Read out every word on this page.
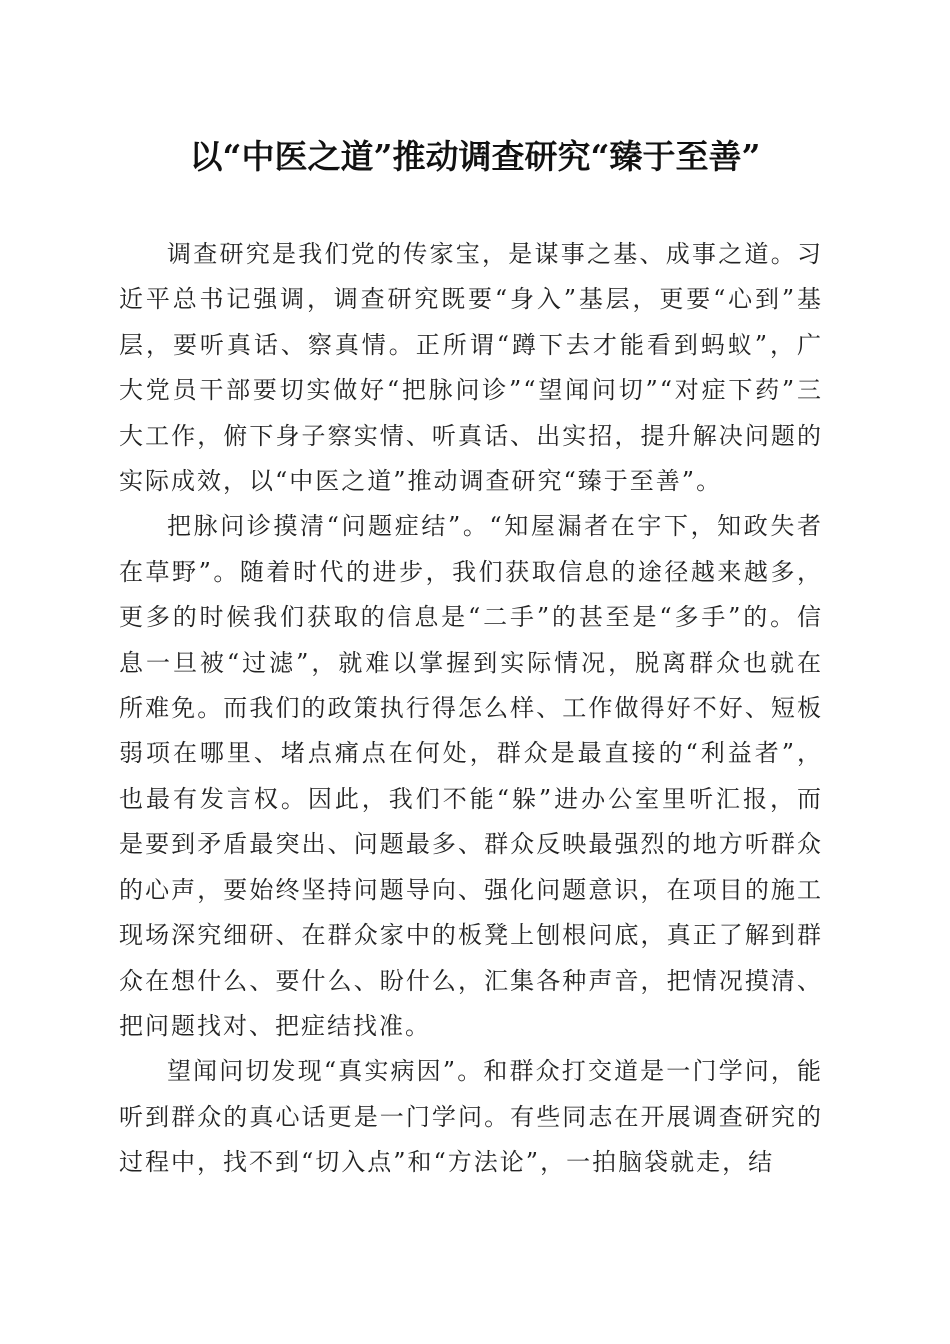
以“中医之道”推动调查研究“臻于至善”

调查研究是我们党的传家宝，是谋事之基、成事之道。习近平总书记强调，调查研究既要“身入”基层，更要“心到”基层，要听真话、察真情。正所谓“蹲下去才能看到蚂蚁”，广大党员干部要切实做好“把脉问诊”“望闻问切”“对症下药”三大工作，俯下身子察实情、听真话、出实招，提升解决问题的实际成效，以“中医之道”推动调查研究“臻于至善”。

把脉问诊摸清“问题症结”。“知屋漏者在宇下，知政失者在草野”。随着时代的进步，我们获取信息的途径越来越多，更多的时候我们获取的信息是“二手”的甚至是“多手”的。信息一旦被“过滤”，就难以掌握到实际情况，脱离群众也就在所难免。而我们的政策执行得怎么样、工作做得好不好、短板弱项在哪里、堵点痛点在何处，群众是最直接的“利益者”，也最有发言权。因此，我们不能“躲”进办公室里听汇报，而是要到矛盾最突出、问题最多、群众反映最强烈的地方听群众的心声，要始终坚持问题导向、强化问题意识，在项目的施工现场深究细研、在群众家中的板凳上刨根问底，真正了解到群众在想什么、要什么、盼什么，汇集各种声音，把情况摸清、把问题找对、把症结找准。

望闻问切发现“真实病因”。和群众打交道是一门学问，能听到群众的真心话更是一门学问。有些同志在开展调查研究的过程中，找不到“切入点”和“方法论”，一拍脑袋就走，结
